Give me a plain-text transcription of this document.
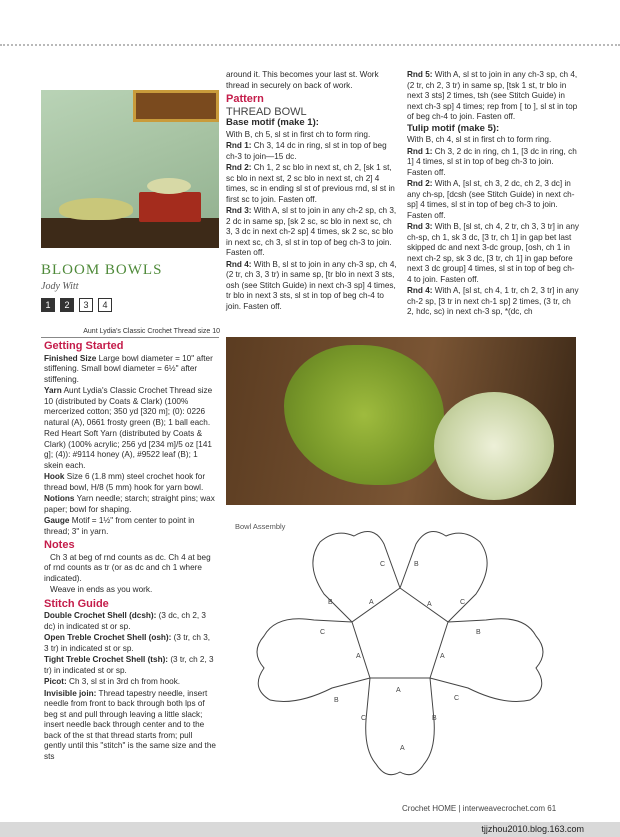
BLOOM BOWLS
Jody Witt
1	2	3	4
Aunt Lydia's Classic Crochet Thread size 10
Getting Started

Finished Size Large bowl diameter = 10" after stiffening. Small bowl diameter = 6½" after stiffening.

Yarn Aunt Lydia's Classic Crochet Thread size 10 (distributed by Coats & Clark) (100% mercerized cotton; 350 yd [320 m]; (0): 0226 natural (A), 0661 frosty green (B); 1 ball each.

Red Heart Soft Yarn (distributed by Coats & Clark) (100% acrylic; 256 yd [234 m]/5 oz [141 g]; (4)): #9114 honey (A), #9522 leaf (B); 1 skein each.

Hook Size 6 (1.8 mm) steel crochet hook for thread bowl, H/8 (5 mm) hook for yarn bowl.

Notions Yarn needle; starch; straight pins; wax paper; bowl for shaping.

Gauge Motif = 1½" from center to point in thread; 3" in yarn.

Notes

Ch 3 at beg of rnd counts as dc. Ch 4 at beg of rnd counts as tr (or as dc and ch 1 where indicated).

Weave in ends as you work.

Stitch Guide

Double Crochet Shell (dcsh): (3 dc, ch 2, 3 dc) in indicated st or sp.

Open Treble Crochet Shell (osh): (3 tr, ch 3, 3 tr) in indicated st or sp.

Tight Treble Crochet Shell (tsh): (3 tr, ch 2, 3 tr) in indicated st or sp.

Picot: Ch 3, sl st in 3rd ch from hook.

Invisible join: Thread tapestry needle, insert needle from front to back through both lps of beg st and pull through leaving a little slack; insert needle back through center and to the back of the st that thread starts from; pull gently until this "stitch" is the same size and the sts

around it. This becomes your last st. Work thread in securely on back of work.

Pattern
THREAD BOWL

Base motif (make 1):

With B, ch 5, sl st in first ch to form ring.

Rnd 1: Ch 3, 14 dc in ring, sl st in top of beg ch-3 to join—15 dc.

Rnd 2: Ch 1, 2 sc blo in next st, ch 2, [sk 1 st, sc blo in next st, 2 sc blo in next st, ch 2] 4 times, sc in ending sl st of previous rnd, sl st in first sc to join. Fasten off.

Rnd 3: With A, sl st to join in any ch-2 sp, ch 3, 2 dc in same sp, [sk 2 sc, sc blo in next sc, ch 3, 3 dc in next ch-2 sp] 4 times, sk 2 sc, sc blo in next sc, ch 3, sl st in top of beg ch-3 to join. Fasten off.

Rnd 4: With B, sl st to join in any ch-3 sp, ch 4, (2 tr, ch 3, 3 tr) in same sp, [tr blo in next 3 sts, osh (see Stitch Guide) in next ch-3 sp] 4 times, tr blo in next 3 sts, sl st in top of beg ch-4 to join. Fasten off.

Rnd 5: With A, sl st to join in any ch-3 sp, ch 4, (2 tr, ch 2, 3 tr) in same sp, [tsk 1 st, tr blo in next 3 sts] 2 times, tsh (see Stitch Guide) in next ch-3 sp] 4 times; rep from [ to ], sl st in top of beg ch-4 to join. Fasten off.

Tulip motif (make 5):

With B, ch 4, sl st in first ch to form ring.

Rnd 1: Ch 3, 2 dc in ring, ch 1, [3 dc in ring, ch 1] 4 times, sl st in top of beg ch-3 to join. Fasten off.

Rnd 2: With A, [sl st, ch 3, 2 dc, ch 2, 3 dc] in any ch-sp, [dcsh (see Stitch Guide) in next ch-sp] 4 times, sl st in top of beg ch-3 to join. Fasten off.

Rnd 3: With B, [sl st, ch 4, 2 tr, ch 3, 3 tr] in any ch-sp, ch 1, sk 3 dc, [3 tr, ch 1] in gap bet last skipped dc and next 3-dc group, [osh, ch 1 in next ch-2 sp, sk 3 dc, [3 tr, ch 1] in gap before next 3 dc group] 4 times, sl st in top of beg ch-4 to join. Fasten off.

Rnd 4: With A, [sl st, ch 4, 1 tr, ch 2, 3 tr] in any ch-2 sp, [3 tr in next ch-1 sp] 2 times, (3 tr, ch 2, hdc, sc) in next ch-3 sp, *(dc, ch

Bowl Assembly
C	B
B	A	A	C
A
B
C
A
A
C
B
A
C	B
Crochet HOME | interweavecrochet.com 61
tjjzhou2010.blog.163.com
